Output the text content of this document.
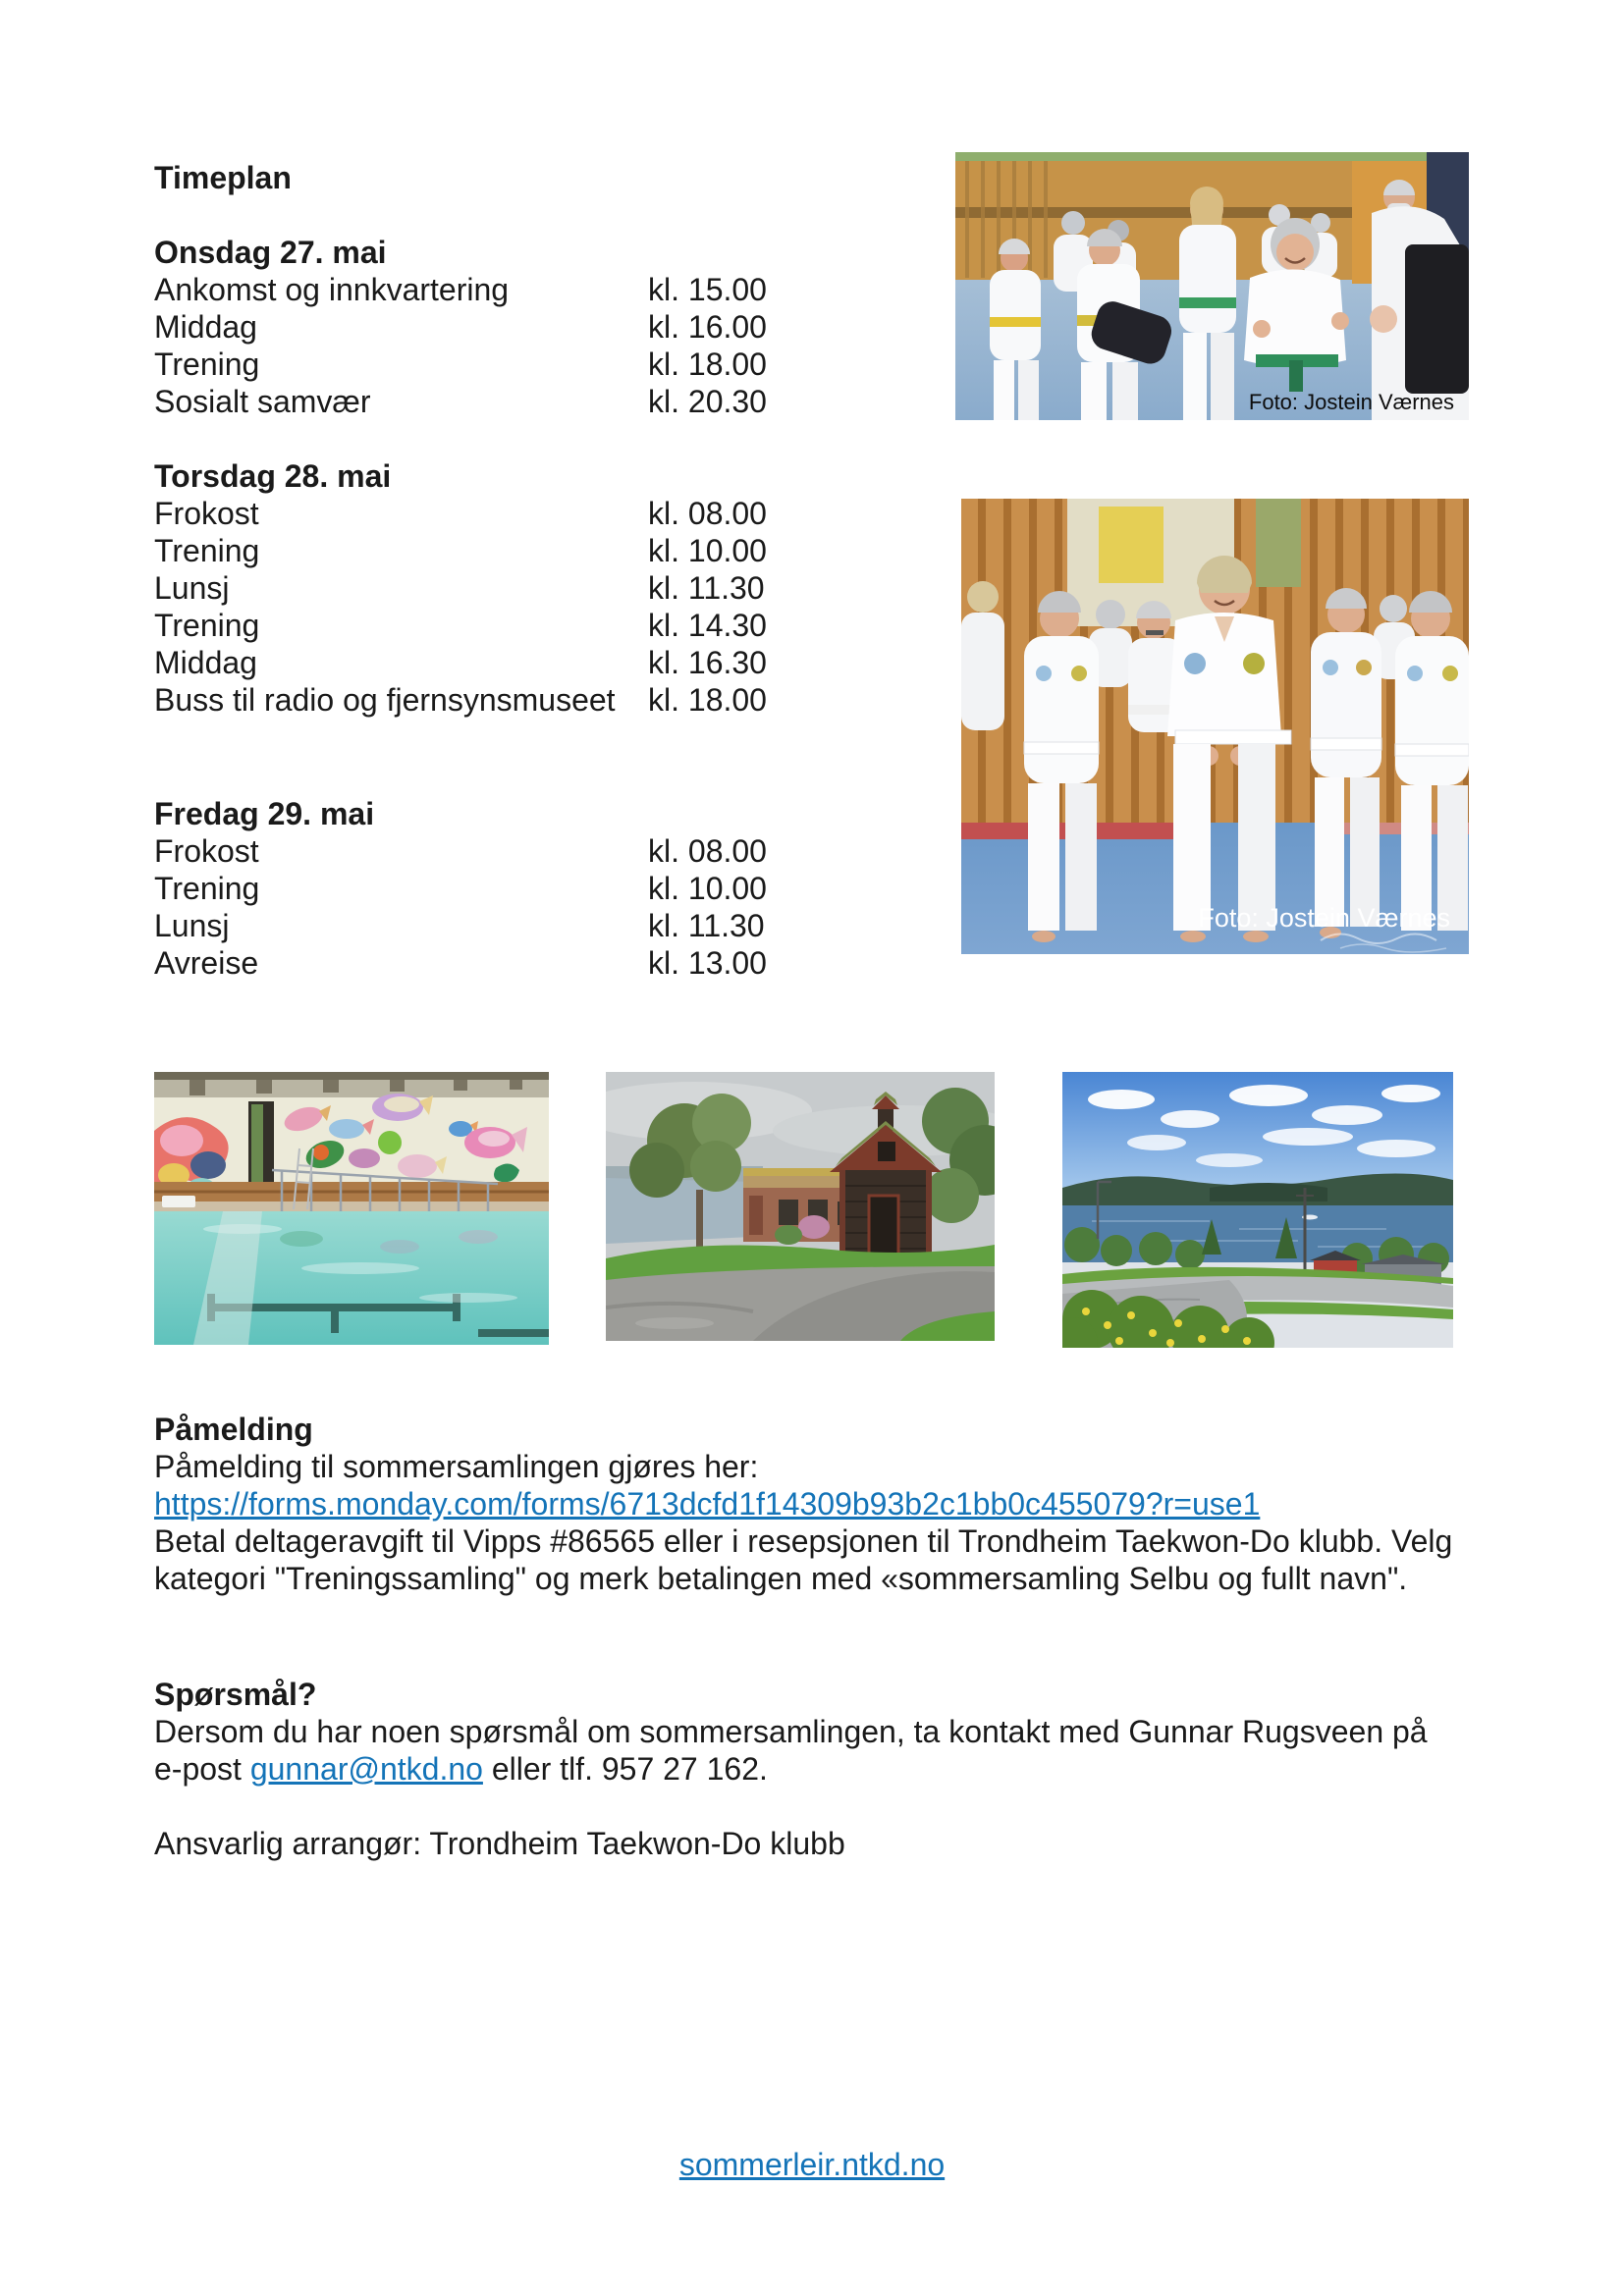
Timeplan
Onsdag 27. mai
Ankomst og innkvartering	kl. 15.00
Middag	kl. 16.00
Trening	kl. 18.00
Sosialt samvær	kl. 20.30
Torsdag 28. mai
Frokost	kl. 08.00
Trening	kl. 10.00
Lunsj	kl. 11.30
Trening	kl. 14.30
Middag	kl. 16.30
Buss til radio og fjernsynsmuseet kl. 18.00
Fredag 29. mai
Frokost	kl. 08.00
Trening	kl. 10.00
Lunsj	kl. 11.30
Avreise	kl. 13.00
Foto: Jostein Værnes
Foto: Jostein Værnes
Påmelding
Påmelding til sommersamlingen gjøres her:
https://forms.monday.com/forms/6713dcfd1f14309b93b2c1bb0c455079?r=use1
Betal deltageravgift til Vipps #86565 eller i resepsjonen til Trondheim Taekwon-Do klubb. Velg
kategori "Treningssamling" og merk betalingen med «sommersamling Selbu og fullt navn".
Spørsmål?
Dersom du har noen spørsmål om sommersamlingen, ta kontakt med Gunnar Rugsveen på
e-post gunnar@ntkd.no eller tlf. 957 27 162.
Ansvarlig arrangør: Trondheim Taekwon-Do klubb
sommerleir.ntkd.no
